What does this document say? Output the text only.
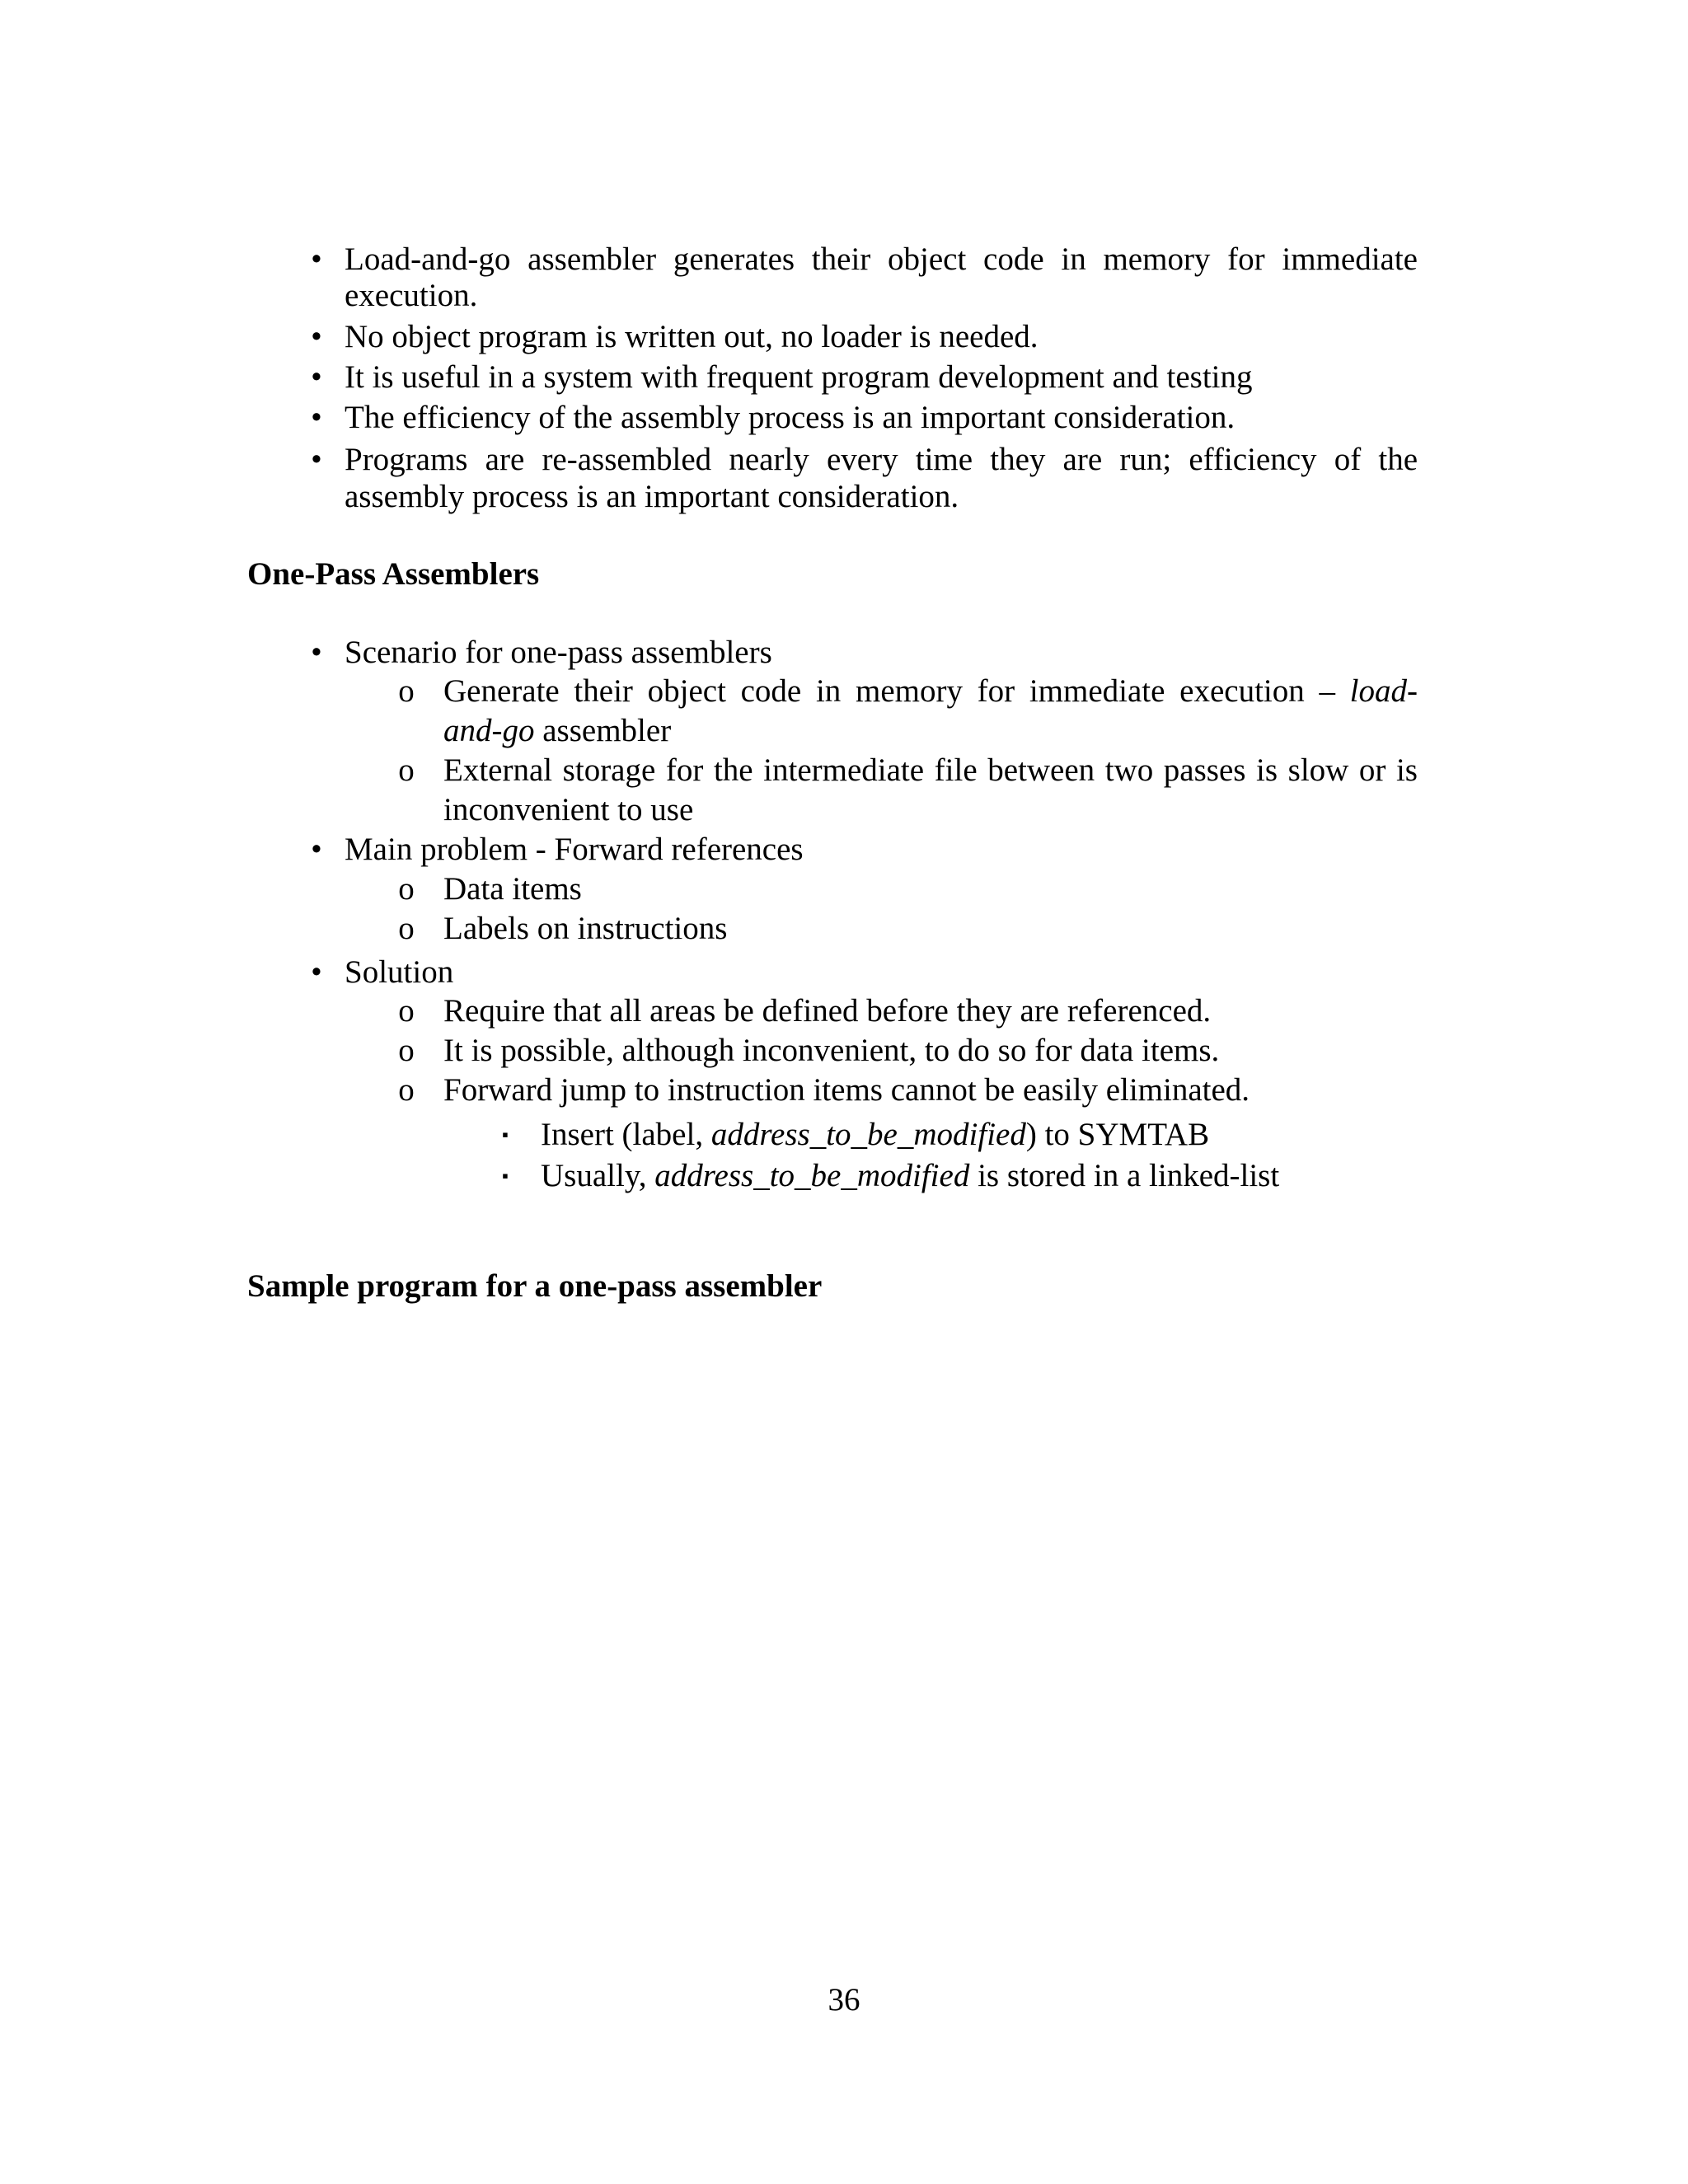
• Load-and-go assembler generates their object code in memory for immediate
execution.
• No object program is written out, no loader is needed.
• It is useful in a system with frequent program development and testing
• The efficiency of the assembly process is an important consideration.
• Programs are re-assembled nearly every time they are run; efficiency of the
assembly process is an important consideration.
One-Pass Assemblers
• Scenario for one-pass assemblers
o Generate their object code in memory for immediate execution – load-
and-go assembler
o External storage for the intermediate file between two passes is slow or is
inconvenient to use
• Main problem - Forward references
o Data items
o Labels on instructions
• Solution
o Require that all areas be defined before they are referenced.
o It is possible, although inconvenient, to do so for data items.
o Forward jump to instruction items cannot be easily eliminated.
▪ Insert (label, address_to_be_modified) to SYMTAB
▪ Usually, address_to_be_modified is stored in a linked-list
Sample program for a one-pass assembler
36
